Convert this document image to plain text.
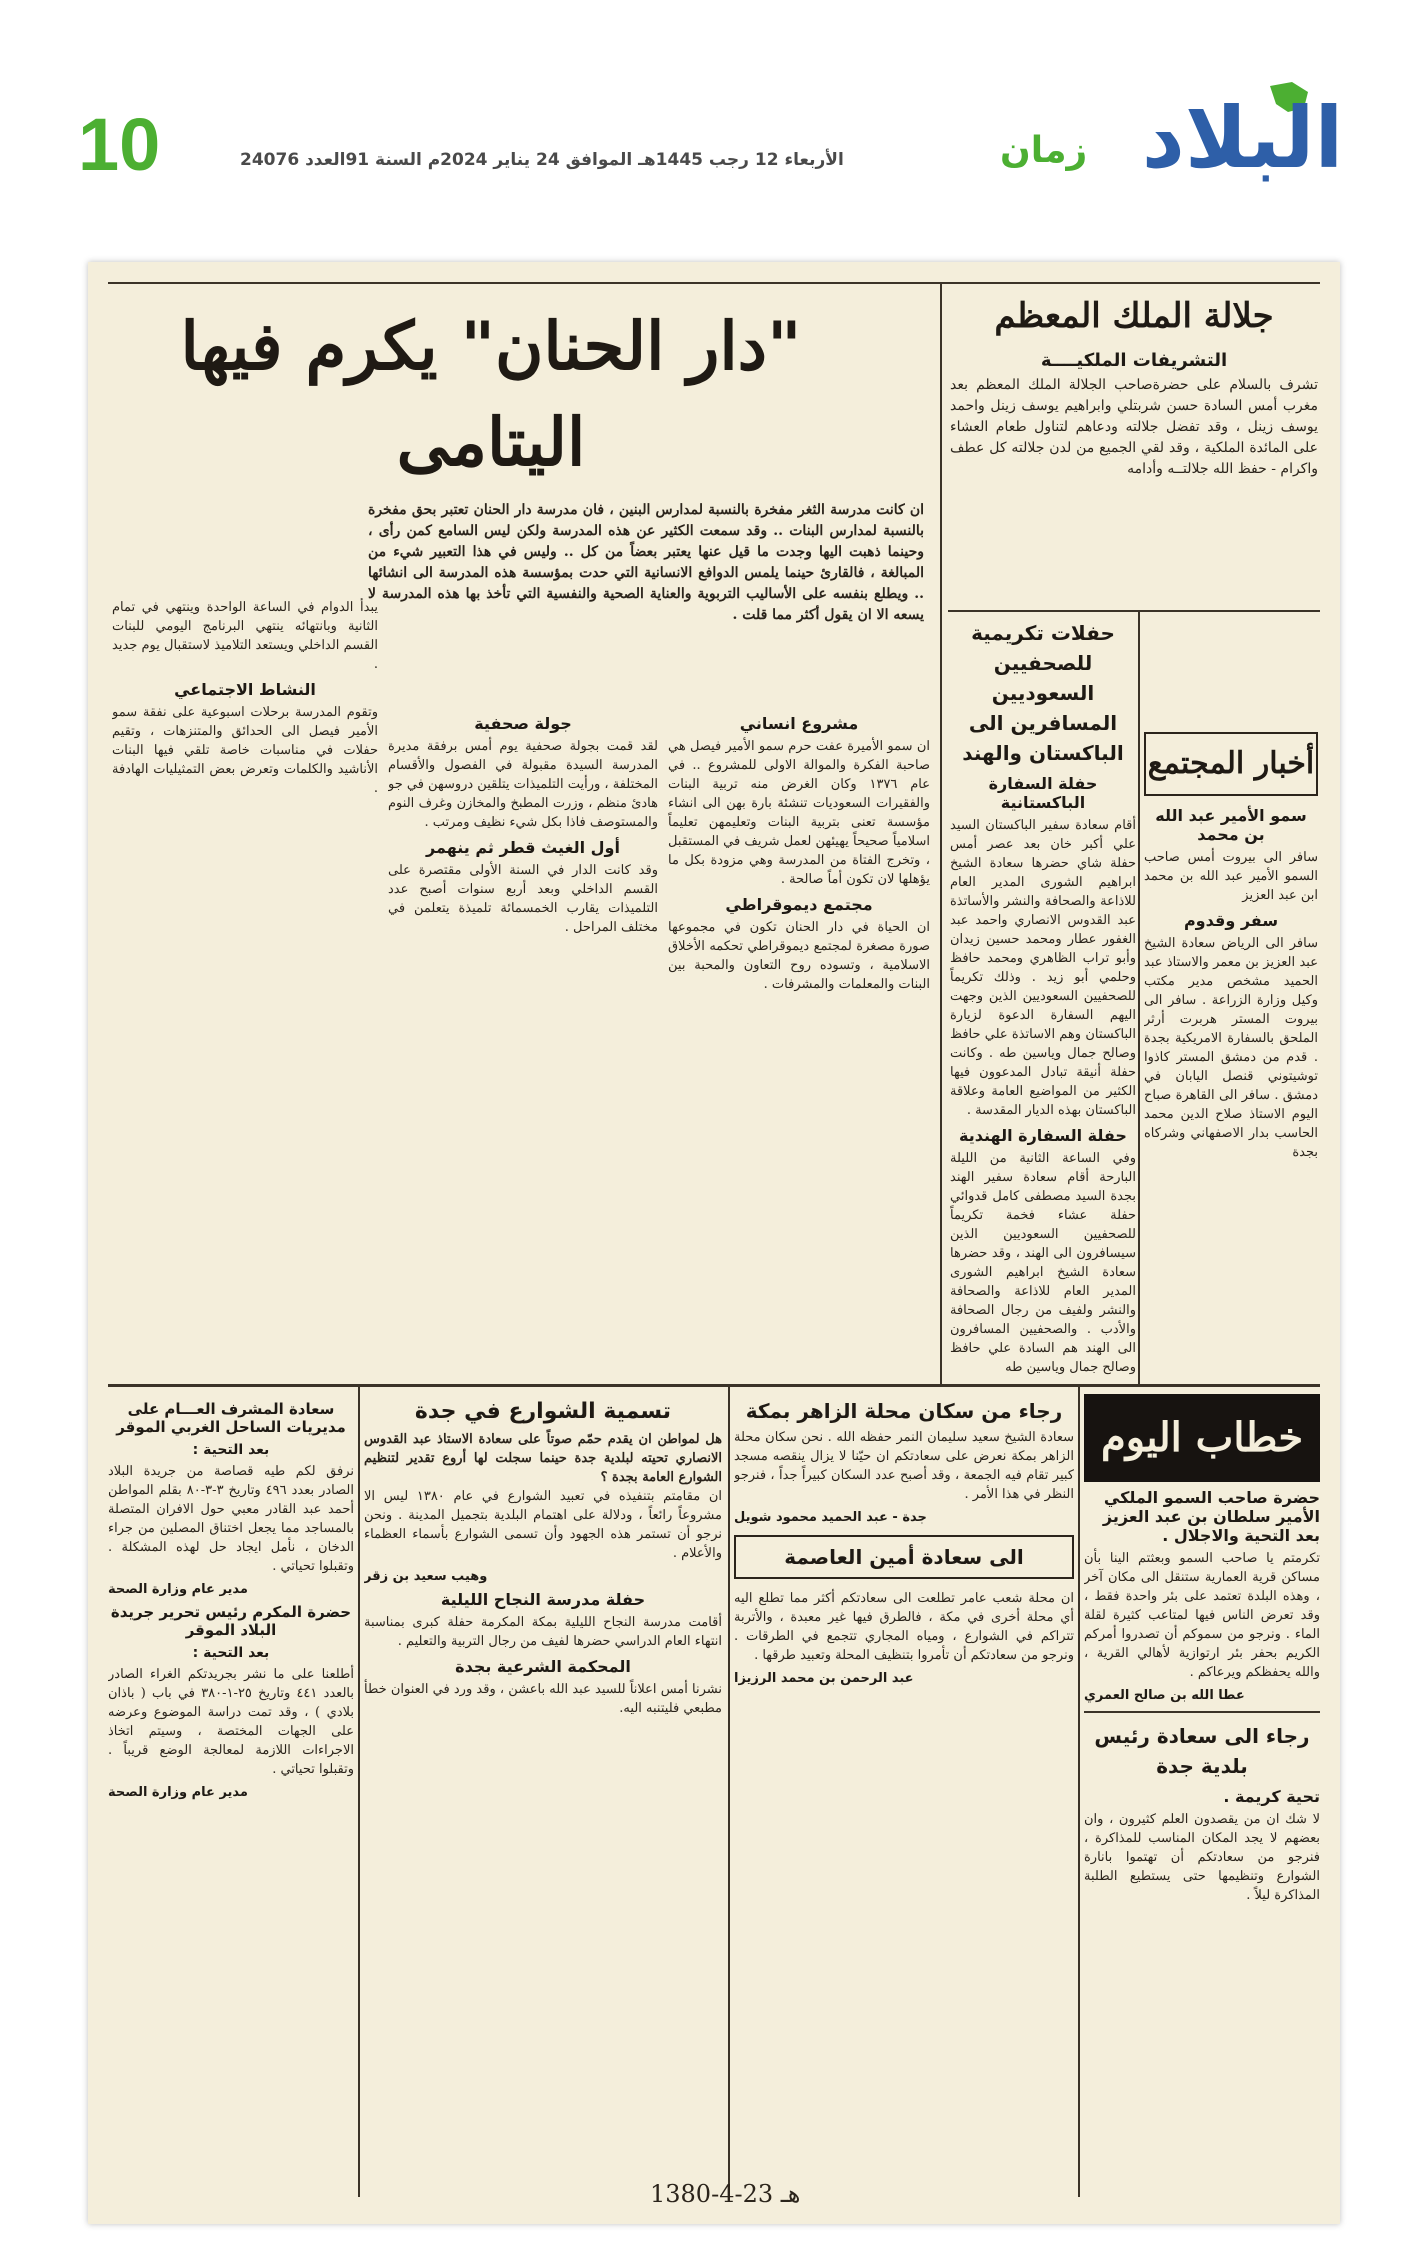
10	الأربعاء 12 رجب 1445هـ الموافق 24 يناير 2024م السنة 91العدد 24076	زمان البلاد

جلالة الملك المعظم

التشريفات الملكيــــة

تشرف بالسلام على حضرةصاحب الجلالة الملك المعظم بعد مغرب أمس السادة حسن شربتلي وابراهيم يوسف زينل واحمد يوسف زينل ، وقد تفضل جلالته ودعاهم لتناول طعام العشاء على المائدة الملكية ، وقد لقي الجميع من لدن جلالته كل عطف واكرام - حفظ الله جلالتــه وأدامه

حفلات تكريمية للصحفيين السعوديين المسافرين الى الباكستان والهند

حفلة السفارة الباكستانية

أقام سعادة سفير الباكستان السيد علي أكبر خان بعد عصر أمس حفلة شاي حضرها سعادة الشيخ ابراهيم الشورى المدير العام للاذاعة والصحافة والنشر والأساتذة عبد القدوس الانصاري واحمد عبد الغفور عطار ومحمد حسين زيدان وأبو تراب الظاهري ومحمد حافظ وحلمي أبو زيد . وذلك تكريماً للصحفيين السعوديين الذين وجهت اليهم السفارة الدعوة لزيارة الباكستان وهم الاساتذة علي حافظ وصالح جمال وياسين طه . وكانت حفلة أنيقة تبادل المدعوون فيها الكثير من المواضيع العامة وعلاقة الباكستان بهذه الديار المقدسة .

حفلة السفارة الهندية

وفي الساعة الثانية من الليلة البارحة أقام سعادة سفير الهند بجدة السيد مصطفى كامل قدوائي حفلة عشاء فخمة تكريماً للصحفيين السعوديين الذين سيسافرون الى الهند ، وقد حضرها سعادة الشيخ ابراهيم الشورى المدير العام للاذاعة والصحافة والنشر ولفيف من رجال الصحافة والأدب . والصحفيين المسافرون الى الهند هم السادة علي حافظ وصالح جمال وياسين طه

أخبار المجتمع

سمو الأمير عبد الله بن محمد

سافر الى بيروت أمس صاحب السمو الأمير عبد الله بن محمد ابن عبد العزيز

سفر وقدوم

سافر الى الرياض سعادة الشيخ عبد العزيز بن معمر والاستاذ عبد الحميد مشخص مدير مكتب وكيل وزارة الزراعة . سافر الى بيروت المستر هربرت أرثر الملحق بالسفارة الامريكية بجدة . قدم من دمشق المستر كاذوا توشيتوني قنصل اليابان في دمشق . سافر الى القاهرة صباح اليوم الاستاذ صلاح الدين محمد الحاسب بدار الاصفهاني وشركاه بجدة

"دار الحنان" يكرم فيها اليتامى

ان كانت مدرسة الثغر مفخرة بالنسبة لمدارس البنين ، فان مدرسة دار الحنان تعتبر بحق مفخرة بالنسبة لمدارس البنات .. وقد سمعت الكثير عن هذه المدرسة ولكن ليس السامع كمن رأى ، وحينما ذهبت اليها وجدت ما قيل عنها يعتبر بعضاً من كل .. وليس في هذا التعبير شيء من المبالغة ، فالقارئ حينما يلمس الدوافع الانسانية التي حدت بمؤسسة هذه المدرسة الى انشائها .. ويطلع بنفسه على الأساليب التربوية والعناية الصحية والنفسية التي تأخذ بها هذه المدرسة لا يسعه الا ان يقول أكثر مما قلت .

مشروع انساني

ان سمو الأميرة عفت حرم سمو الأمير فيصل هي صاحبة الفكرة والموالة الاولى للمشروع .. في عام ١٣٧٦ وكان الغرض منه تربية البنات والفقيرات السعوديات تنشئة بارة بهن الى انشاء مؤسسة تعنى بتربية البنات وتعليمهن تعليماً اسلامياً صحيحاً يهيئهن لعمل شريف في المستقبل ، وتخرج الفتاة من المدرسة وهي مزودة بكل ما يؤهلها لان تكون أماً صالحة .

مجتمع ديموقراطي

ان الحياة في دار الحنان تكون في مجموعها صورة مصغرة لمجتمع ديموقراطي تحكمه الأخلاق الاسلامية ، وتسوده روح التعاون والمحبة بين البنات والمعلمات والمشرفات .

جولة صحفية

لقد قمت بجولة صحفية يوم أمس برفقة مديرة المدرسة السيدة مقبولة في الفصول والأقسام المختلفة ، ورأيت التلميذات يتلقين دروسهن في جو هادئ منظم ، وزرت المطبخ والمخازن وغرف النوم والمستوصف فاذا بكل شيء نظيف ومرتب .

أول الغيث قطر ثم ينهمر

وقد كانت الدار في السنة الأولى مقتصرة على القسم الداخلي وبعد أربع سنوات أصبح عدد التلميذات يقارب الخمسمائة تلميذة يتعلمن في مختلف المراحل .

يبدأ الدوام في الساعة الواحدة وينتهي في تمام الثانية وبانتهائه ينتهي البرنامج اليومي للبنات القسم الداخلي ويستعد التلاميذ لاستقبال يوم جديد .

النشاط الاجتماعي

وتقوم المدرسة برحلات اسبوعية على نفقة سمو الأمير فيصل الى الحدائق والمتنزهات ، وتقيم حفلات في مناسبات خاصة تلقي فيها البنات الأناشيد والكلمات وتعرض بعض التمثيليات الهادفة .

خطاب اليوم

حضرة صاحب السمو الملكي الأمير سلطان بن عبد العزيز بعد التحية والاجلال .

تكرمتم يا صاحب السمو وبعثتم الينا بأن مساكن قرية العمارية ستنقل الى مكان آخر ، وهذه البلدة تعتمد على بئر واحدة فقط ، وقد تعرض الناس فيها لمتاعب كثيرة لقلة الماء . ونرجو من سموكم أن تصدروا أمركم الكريم بحفر بئر ارتوازية لأهالي القرية ، والله يحفظكم ويرعاكم .

عطا الله بن صالح العمري

رجاء الى سعادة رئيس بلدية جدة

تحية كريمة .

لا شك ان من يقصدون العلم كثيرون ، وان بعضهم لا يجد المكان المناسب للمذاكرة ، فنرجو من سعادتكم أن تهتموا بانارة الشوارع وتنظيمها حتى يستطيع الطلبة المذاكرة ليلاً .

رجاء من سكان محلة الزاهر بمكة

سعادة الشيخ سعيد سليمان النمر حفظه الله . نحن سكان محلة الزاهر بمكة نعرض على سعادتكم ان حيّنا لا يزال ينقصه مسجد كبير تقام فيه الجمعة ، وقد أصبح عدد السكان كبيراً جداً ، فنرجو النظر في هذا الأمر .

جدة - عبد الحميد محمود شويل

الى سعادة أمين العاصمة

ان محلة شعب عامر تطلعت الى سعادتكم أكثر مما تطلع اليه أي محلة أخرى في مكة ، فالطرق فيها غير معبدة ، والأتربة تتراكم في الشوارع ، ومياه المجاري تتجمع في الطرقات . ونرجو من سعادتكم أن تأمروا بتنظيف المحلة وتعبيد طرقها .

عبد الرحمن بن محمد الرزيزا

تسمية الشوارع في جدة

هل لمواطن ان يقدم حمّم صوتاً على سعادة الاستاذ عبد القدوس الانصاري تحيته لبلدية جدة حينما سجلت لها أروع تقدير لتنظيم الشوارع العامة بجدة ؟

ان مقامتم بتنفيذه في تعبيد الشوارع في عام ١٣٨٠ ليس الا مشروعاً رائعاً ، ودلالة على اهتمام البلدية بتجميل المدينة . ونحن نرجو أن تستمر هذه الجهود وأن تسمى الشوارع بأسماء العظماء والأعلام .

وهيب سعيد بن زقر

حفلة مدرسة النجاح الليلية

أقامت مدرسة النجاح الليلية بمكة المكرمة حفلة كبرى بمناسبة انتهاء العام الدراسي حضرها لفيف من رجال التربية والتعليم .

المحكمة الشرعية بجدة

نشرنا أمس اعلاناً للسيد عبد الله باعشن ، وقد ورد في العنوان خطأ مطبعي فليتنبه اليه.

سعادة المشرف العـــام على مديريات الساحل الغربي الموقر

بعد التحية :

نرفق لكم طيه قصاصة من جريدة البلاد الصادر بعدد ٤٩٦ وتاريخ ٣-٣-٨٠ بقلم المواطن أحمد عبد القادر معبي حول الافران المتصلة بالمساجد مما يجعل اختناق المصلين من جراء الدخان ، نأمل ايجاد حل لهذه المشكلة . وتقبلوا تحياتي .

مدير عام وزارة الصحة

حضرة المكرم رئيس تحرير جريدة البلاد الموقر

بعد التحية :

أطلعنا على ما نشر بجريدتكم الغراء الصادر بالعدد ٤٤١ وتاريخ ٢٥-١-٣٨٠ في باب ( باذان بلادي ) ، وقد تمت دراسة الموضوع وعرضه على الجهات المختصة ، وسيتم اتخاذ الاجراءات اللازمة لمعالجة الوضع قريباً . وتقبلوا تحياتي .

مدير عام وزارة الصحة

1380-4-23 هـ
